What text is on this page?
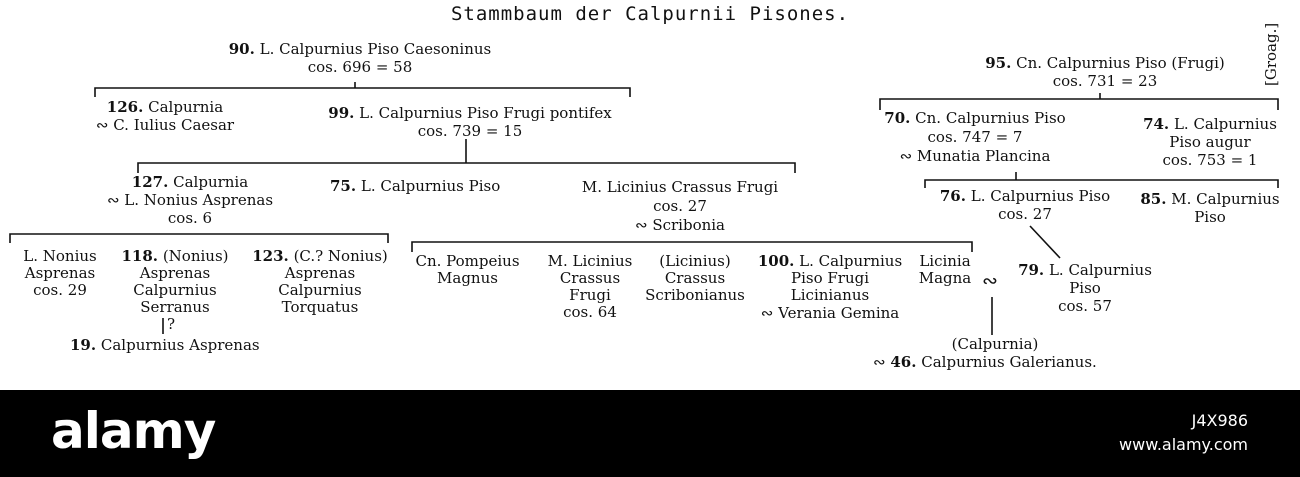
Stammbaum der Calpurnii Pisones.
[Groag.]
90. L. Calpurnius Piso Caesoninus
cos. 696 = 58
126. Calpurnia
∾ C. Iulius Caesar
99. L. Calpurnius Piso Frugi pontifex
cos. 739 = 15
127. Calpurnia
∾ L. Nonius Asprenas
cos. 6
75. L. Calpurnius Piso	M. Licinius Crassus Frugi
cos. 27
∾ Scribonia
L. Nonius
Asprenas
cos. 29
118. (Nonius)
Asprenas
Calpurnius
Serranus
?
123. (C.? Nonius)
Asprenas
Calpurnius
Torquatus
19. Calpurnius Asprenas
Cn. Pompeius
Magnus
M. Licinius
Crassus
Frugi
cos. 64
(Licinius)
Crassus
Scribonianus
100. L. Calpurnius
Piso Frugi
Licinianus
∾ Verania Gemina
Licinia
Magna ∾
95. Cn. Calpurnius Piso (Frugi)
cos. 731 = 23
70. Cn. Calpurnius Piso
cos. 747 = 7
∾ Munatia Plancina
74. L. Calpurnius
Piso augur
cos. 753 = 1
76. L. Calpurnius Piso
cos. 27
85. M. Calpurnius
Piso
79. L. Calpurnius
Piso
cos. 57
(Calpurnia)
∾ 46. Calpurnius Galerianus.
alamy	J4X986
www.alamy.com
